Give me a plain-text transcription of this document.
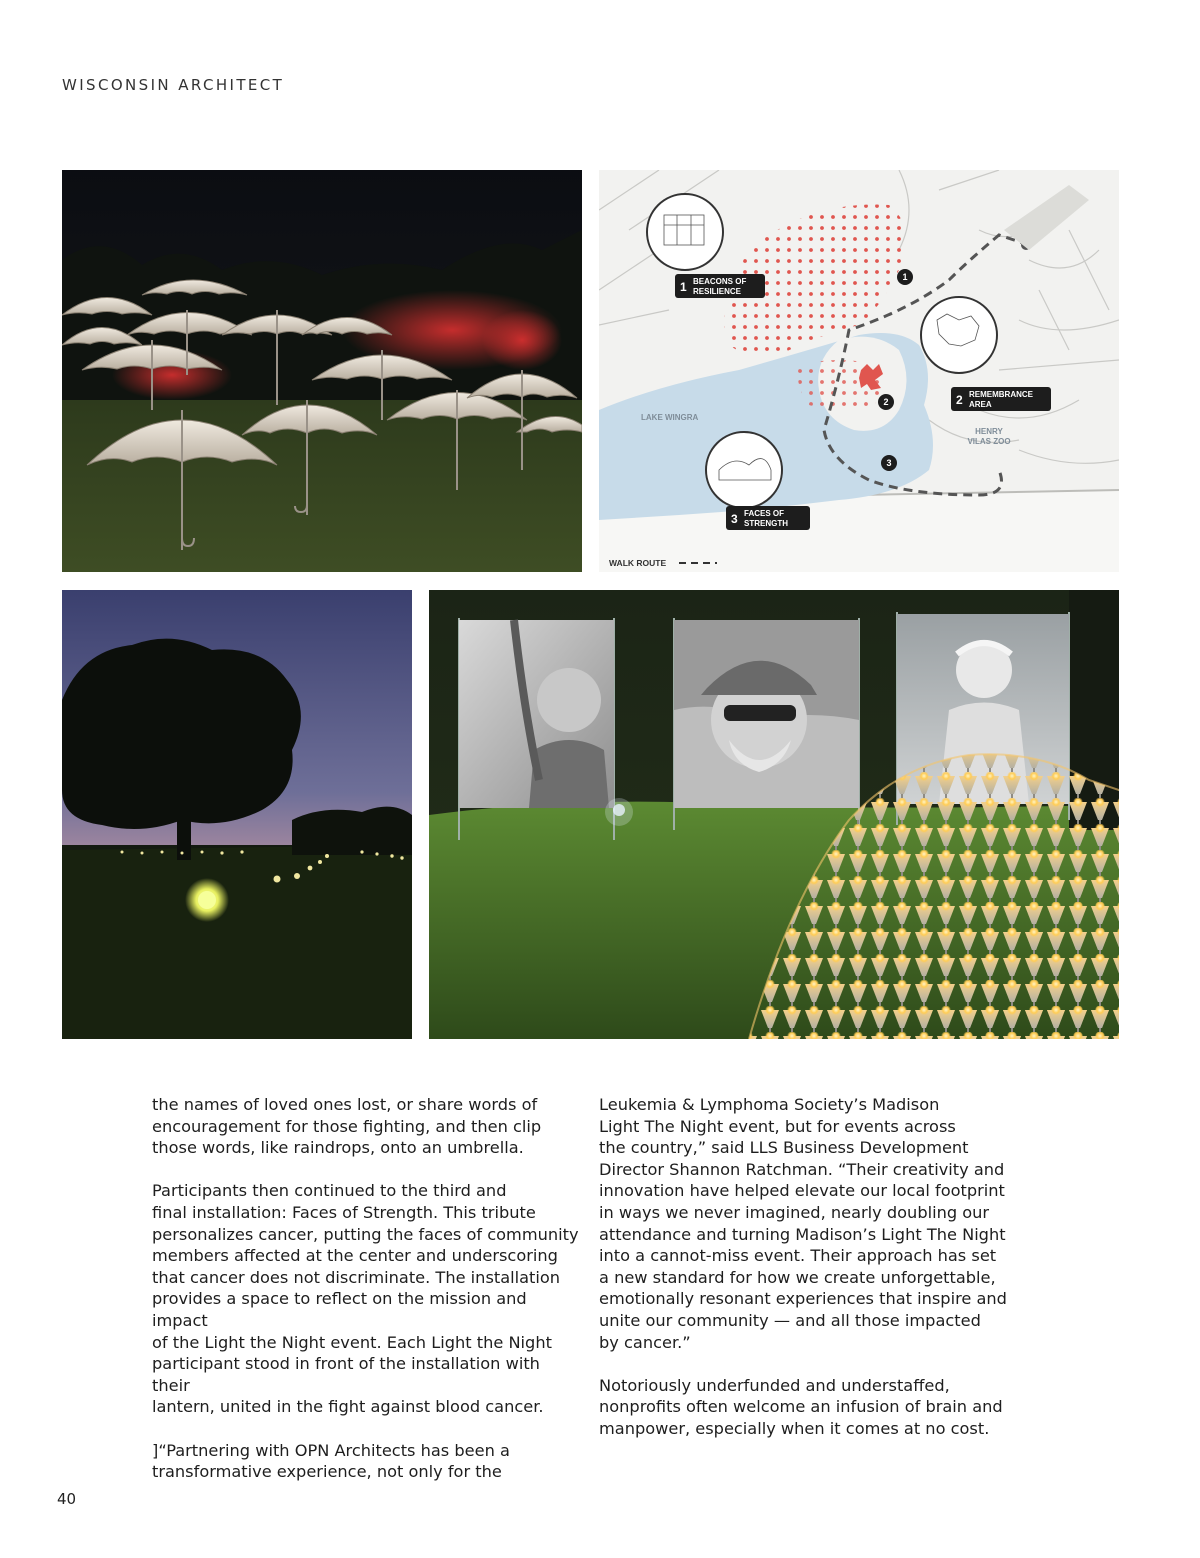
WISCONSIN ARCHITECT
1
2
3
1 BEACONS OF
RESILIENCE
2 REMEMBRANCE
AREA
3 FACES OF
STRENGTH
LAKE WINGRA
HENRY
VILAS ZOO
WALK ROUTE

the names of loved ones lost, or share words of
encouragement for those fighting, and then clip
those words, like raindrops, onto an umbrella.

Participants then continued to the third and
final installation: Faces of Strength. This tribute
personalizes cancer, putting the faces of community
members affected at the center and underscoring
that cancer does not discriminate. The installation
provides a space to reflect on the mission and impact
of the Light the Night event. Each Light the Night
participant stood in front of the installation with their
lantern, united in the fight against blood cancer.

]“Partnering with OPN Architects has been a
transformative experience, not only for the

Leukemia & Lymphoma Society’s Madison
Light The Night event, but for events across
the country,” said LLS Business Development
Director Shannon Ratchman. “Their creativity and
innovation have helped elevate our local footprint
in ways we never imagined, nearly doubling our
attendance and turning Madison’s Light The Night
into a cannot-miss event. Their approach has set
a new standard for how we create unforgettable,
emotionally resonant experiences that inspire and
unite our community — and all those impacted
by cancer.”

Notoriously underfunded and understaffed,
nonprofits often welcome an infusion of brain and
manpower, especially when it comes at no cost.

40
